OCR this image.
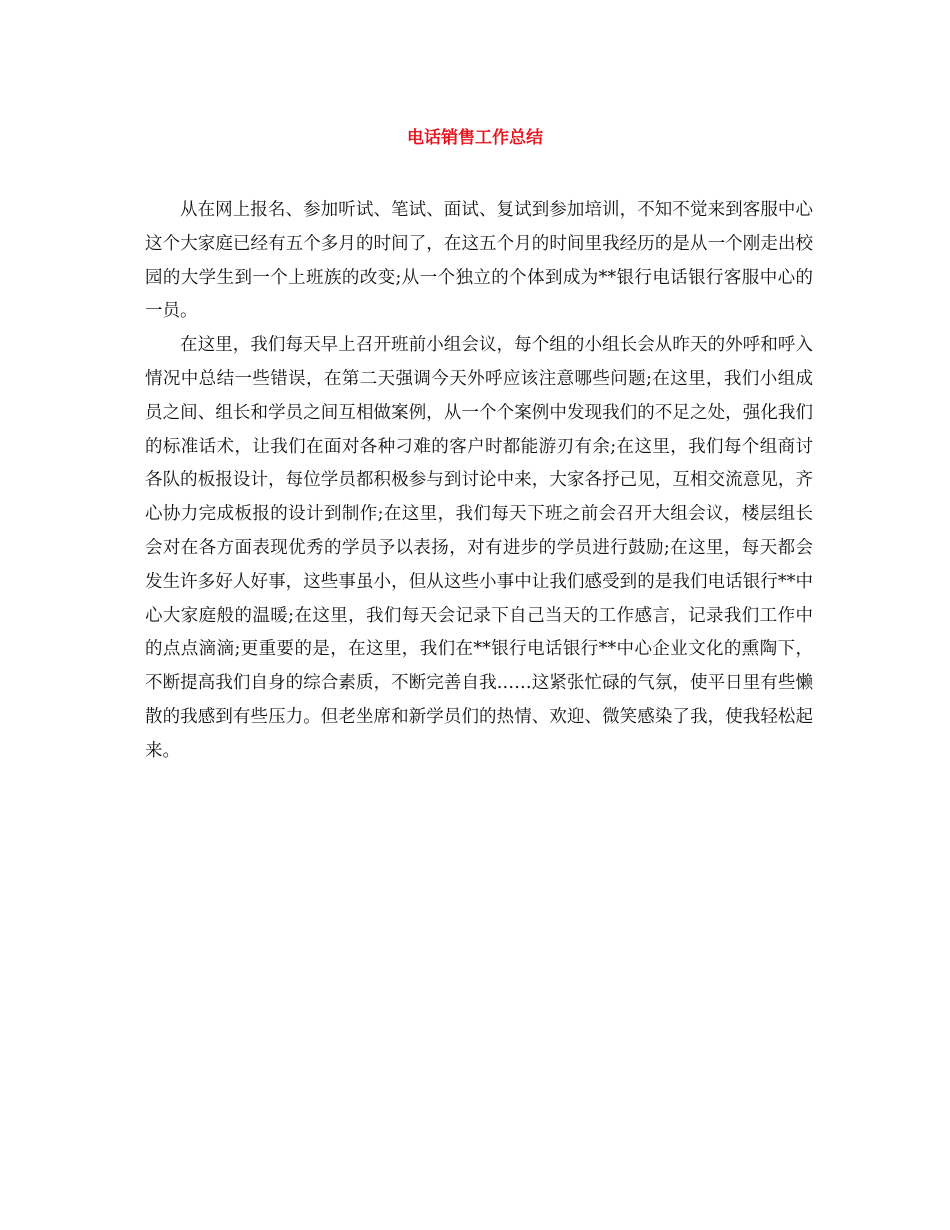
电话销售工作总结

从在网上报名、参加听试、笔试、面试、复试到参加培训，不知不觉来到客服中心这个大家庭已经有五个多月的时间了，在这五个月的时间里我经历的是从一个刚走出校园的大学生到一个上班族的改变;从一个独立的个体到成为**银行电话银行客服中心的一员。

在这里，我们每天早上召开班前小组会议，每个组的小组长会从昨天的外呼和呼入情况中总结一些错误，在第二天强调今天外呼应该注意哪些问题;在这里，我们小组成员之间、组长和学员之间互相做案例，从一个个案例中发现我们的不足之处，强化我们的标准话术，让我们在面对各种刁难的客户时都能游刃有余;在这里，我们每个组商讨各队的板报设计，每位学员都积极参与到讨论中来，大家各抒己见，互相交流意见，齐心协力完成板报的设计到制作;在这里，我们每天下班之前会召开大组会议，楼层组长会对在各方面表现优秀的学员予以表扬，对有进步的学员进行鼓励;在这里，每天都会发生许多好人好事，这些事虽小，但从这些小事中让我们感受到的是我们电话银行**中心大家庭般的温暖;在这里，我们每天会记录下自己当天的工作感言，记录我们工作中的点点滴滴;更重要的是，在这里，我们在**银行电话银行**中心企业文化的熏陶下，不断提高我们自身的综合素质，不断完善自我……这紧张忙碌的气氛，使平日里有些懒散的我感到有些压力。但老坐席和新学员们的热情、欢迎、微笑感染了我，使我轻松起来。
